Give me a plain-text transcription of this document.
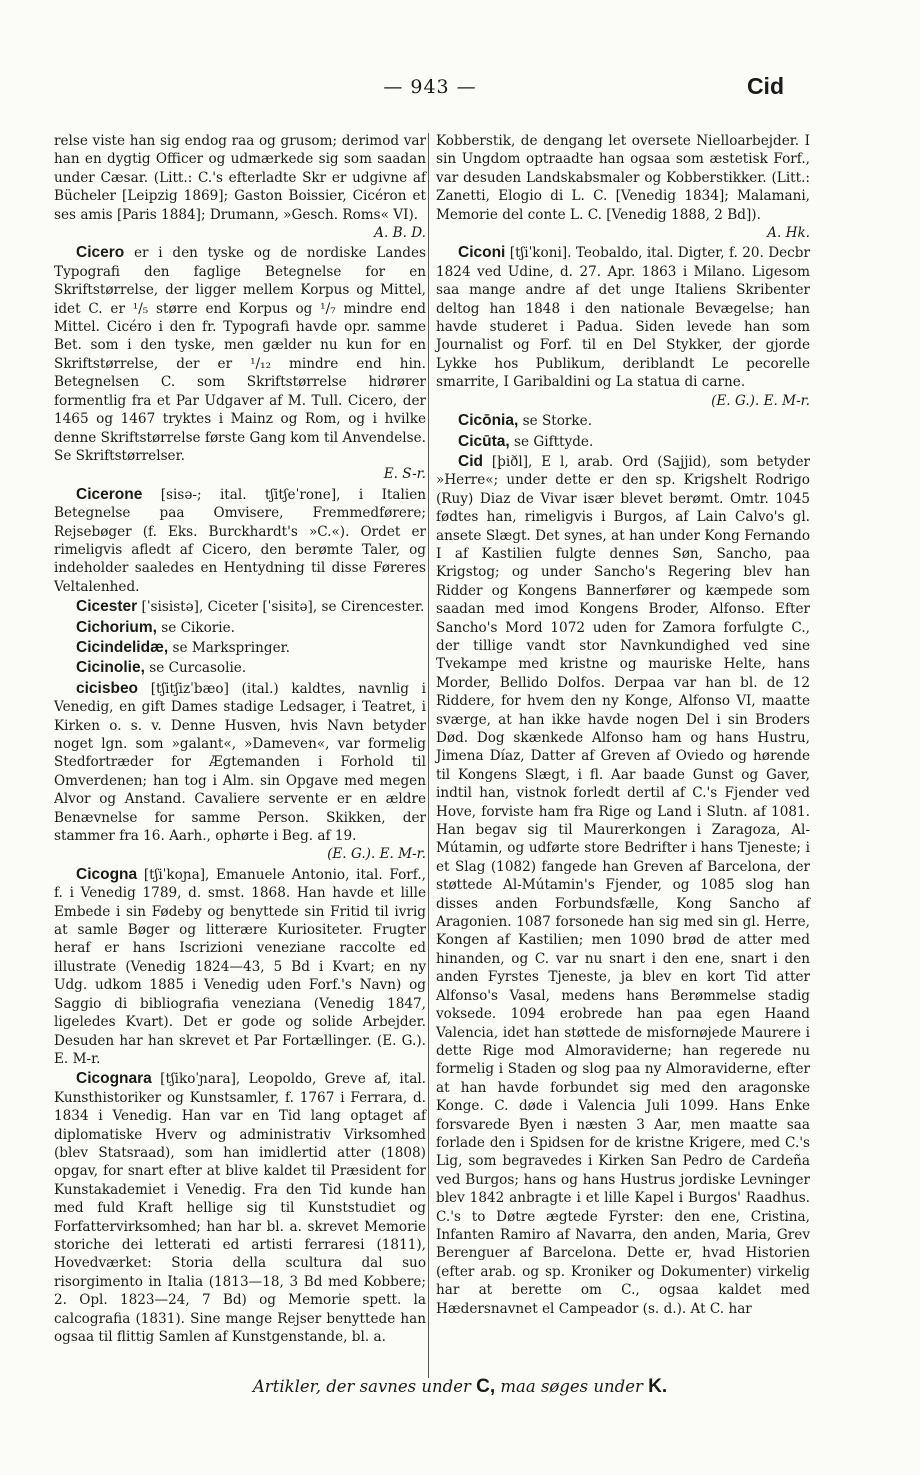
— 943 —	Cid

relse viste han sig endog raa og grusom; derimod var han en dygtig Officer og udmærkede sig som saadan under Cæsar. (Litt.: C.'s efterladte Skr er udgivne af Bücheler [Leipzig 1869]; Gaston Boissier, Cicéron et ses amis [Paris 1884]; Drumann, »Gesch. Roms« VI).

A. B. D.

Cicero er i den tyske og de nordiske Landes Typografi den faglige Betegnelse for en Skriftstørrelse, der ligger mellem Korpus og Mittel, idet C. er ¹/₅ større end Korpus og ¹/₇ mindre end Mittel. Cicéro i den fr. Typografi havde opr. samme Bet. som i den tyske, men gælder nu kun for en Skriftstørrelse, der er ¹/₁₂ mindre end hin. Betegnelsen C. som Skriftstørrelse hidrører formentlig fra et Par Udgaver af M. Tull. Cicero, der 1465 og 1467 tryktes i Mainz og Rom, og i hvilke denne Skriftstørrelse første Gang kom til Anvendelse. Se Skriftstørrelser.

E. S-r.

Cicerone [sisə-; ital. tʃitʃeˈrone], i Italien Betegnelse paa Omvisere, Fremmedførere; Rejsebøger (f. Eks. Burckhardt's »C.«). Ordet er rimeligvis afledt af Cicero, den berømte Taler, og indeholder saaledes en Hentydning til disse Føreres Veltalenhed.

Cicester [ˈsisistə], Ciceter [ˈsisitə], se Cirencester.

Cichorium, se Cikorie.

Cicindelidæ, se Markspringer.

Cicinolie, se Curcasolie.

cicisbeo [tʃitʃizˈbæo] (ital.) kaldtes, navnlig i Venedig, en gift Dames stadige Ledsager, i Teatret, i Kirken o. s. v. Denne Husven, hvis Navn betyder noget lgn. som »galant«, »Dameven«, var formelig Stedfortræder for Ægtemanden i Forhold til Omverdenen; han tog i Alm. sin Opgave med megen Alvor og Anstand. Cavaliere servente er en ældre Benævnelse for samme Person. Skikken, der stammer fra 16. Aarh., ophørte i Beg. af 19.

(E. G.). E. M-r.

Cicogna [tʃiˈkoɲa], Emanuele Antonio, ital. Forf., f. i Venedig 1789, d. smst. 1868. Han havde et lille Embede i sin Fødeby og benyttede sin Fritid til ivrig at samle Bøger og litterære Kuriositeter. Frugter heraf er hans Iscrizioni veneziane raccolte ed illustrate (Venedig 1824—43, 5 Bd i Kvart; en ny Udg. udkom 1885 i Venedig uden Forf.'s Navn) og Saggio di bibliografia veneziana (Venedig 1847, ligeledes Kvart). Det er gode og solide Arbejder. Desuden har han skrevet et Par Fortællinger. (E. G.). E. M-r.

Cicognara [tʃikoˈɲara], Leopoldo, Greve af, ital. Kunsthistoriker og Kunstsamler, f. 1767 i Ferrara, d. 1834 i Venedig. Han var en Tid lang optaget af diplomatiske Hverv og administrativ Virksomhed (blev Statsraad), som han imidlertid atter (1808) opgav, for snart efter at blive kaldet til Præsident for Kunstakademiet i Venedig. Fra den Tid kunde han med fuld Kraft hellige sig til Kunststudiet og Forfattervirksomhed; han har bl. a. skrevet Memorie storiche dei letterati ed artisti ferraresi (1811), Hovedværket: Storia della scultura dal suo risorgimento in Italia (1813—18, 3 Bd med Kobbere; 2. Opl. 1823—24, 7 Bd) og Memorie spett. la calcografia (1831). Sine mange Rejser benyttede han ogsaa til flittig Samlen af Kunstgenstande, bl. a.

Kobberstik, de dengang let oversete Nielloarbejder. I sin Ungdom optraadte han ogsaa som æstetisk Forf., var desuden Landskabsmaler og Kobberstikker. (Litt.: Zanetti, Elogio di L. C. [Venedig 1834]; Malamani, Memorie del conte L. C. [Venedig 1888, 2 Bd]).

A. Hk.

Ciconi [tʃiˈkoni]. Teobaldo, ital. Digter, f. 20. Decbr 1824 ved Udine, d. 27. Apr. 1863 i Milano. Ligesom saa mange andre af det unge Italiens Skribenter deltog han 1848 i den nationale Bevægelse; han havde studeret i Padua. Siden levede han som Journalist og Forf. til en Del Stykker, der gjorde Lykke hos Publikum, deriblandt Le pecorelle smarrite, I Garibaldini og La statua di carne.

(E. G.). E. M-r.

Cicōnia, se Storke.

Cicūta, se Gifttyde.

Cid [þiðl], E l, arab. Ord (Sajjid), som betyder »Herre«; under dette er den sp. Krigshelt Rodrigo (Ruy) Diaz de Vivar især blevet berømt. Omtr. 1045 fødtes han, rimeligvis i Burgos, af Lain Calvo's gl. ansete Slægt. Det synes, at han under Kong Fernando I af Kastilien fulgte dennes Søn, Sancho, paa Krigstog; og under Sancho's Regering blev han Ridder og Kongens Bannerfører og kæmpede som saadan med imod Kongens Broder, Alfonso. Efter Sancho's Mord 1072 uden for Zamora forfulgte C., der tillige vandt stor Navnkundighed ved sine Tvekampe med kristne og mauriske Helte, hans Morder, Bellido Dolfos. Derpaa var han bl. de 12 Riddere, for hvem den ny Konge, Alfonso VI, maatte sværge, at han ikke havde nogen Del i sin Broders Død. Dog skænkede Alfonso ham og hans Hustru, Jimena Díaz, Datter af Greven af Oviedo og hørende til Kongens Slægt, i fl. Aar baade Gunst og Gaver, indtil han, vistnok forledt dertil af C.'s Fjender ved Hove, forviste ham fra Rige og Land i Slutn. af 1081. Han begav sig til Maurerkongen i Zaragoza, Al-Mútamin, og udførte store Bedrifter i hans Tjeneste; i et Slag (1082) fangede han Greven af Barcelona, der støttede Al-Mútamin's Fjender, og 1085 slog han disses anden Forbundsfælle, Kong Sancho af Aragonien. 1087 forsonede han sig med sin gl. Herre, Kongen af Kastilien; men 1090 brød de atter med hinanden, og C. var nu snart i den ene, snart i den anden Fyrstes Tjeneste, ja blev en kort Tid atter Alfonso's Vasal, medens hans Berømmelse stadig voksede. 1094 erobrede han paa egen Haand Valencia, idet han støttede de misfornøjede Maurere i dette Rige mod Almoraviderne; han regerede nu formelig i Staden og slog paa ny Almoraviderne, efter at han havde forbundet sig med den aragonske Konge. C. døde i Valencia Juli 1099. Hans Enke forsvarede Byen i næsten 3 Aar, men maatte saa forlade den i Spidsen for de kristne Krigere, med C.'s Lig, som begravedes i Kirken San Pedro de Cardeña ved Burgos; hans og hans Hustrus jordiske Levninger blev 1842 anbragte i et lille Kapel i Burgos' Raadhus. C.'s to Døtre ægtede Fyrster: den ene, Cristina, Infanten Ramiro af Navarra, den anden, Maria, Grev Berenguer af Barcelona. Dette er, hvad Historien (efter arab. og sp. Kroniker og Dokumenter) virkelig har at berette om C., ogsaa kaldet med Hædersnavnet el Campeador (s. d.). At C. har

Artikler, der savnes under C, maa søges under K.
